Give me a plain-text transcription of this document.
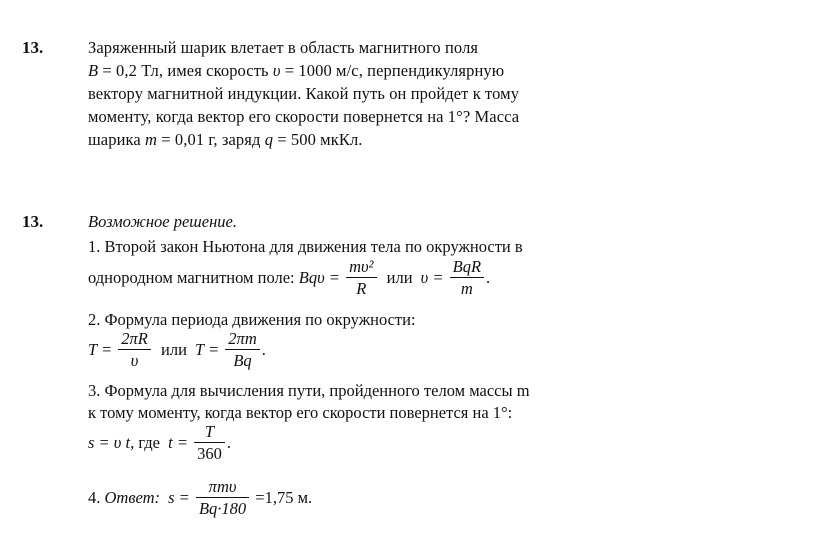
13.	Заряженный шарик влетает в область магнитного поля
B = 0,2 Тл, имея скорость υ = 1000 м/с, перпендикулярную
вектору магнитной индукции. Какой путь он пройдет к тому
моменту, когда вектор его скорости повернется на 1°? Масса
шарика m = 0,01 г, заряд q = 500 мкКл.
13.	Возможное решение.
1. Второй закон Ньютона для движения тела по окружности в
однородном магнитном поле: $Bq\upsilon = \frac{\text{mυ²}}{R}$ или $\upsilon = \frac{\text{BqR}}{m}$ .
2. Формула периода движения по окружности:
$T = \frac{2\pi R}{\upsilon}$ или $T = \frac{2\pi m}{Bq}$ .
3. Формула для вычисления пути, пройденного телом массы m
к тому моменту, когда вектор его скорости повернется на 1°:
s = υ t, где $t = \frac{T}{360}$ .
4. Ответ: $s = \frac{\text{πmυ}}{Bq\cdot 180} =1,75$ м.
